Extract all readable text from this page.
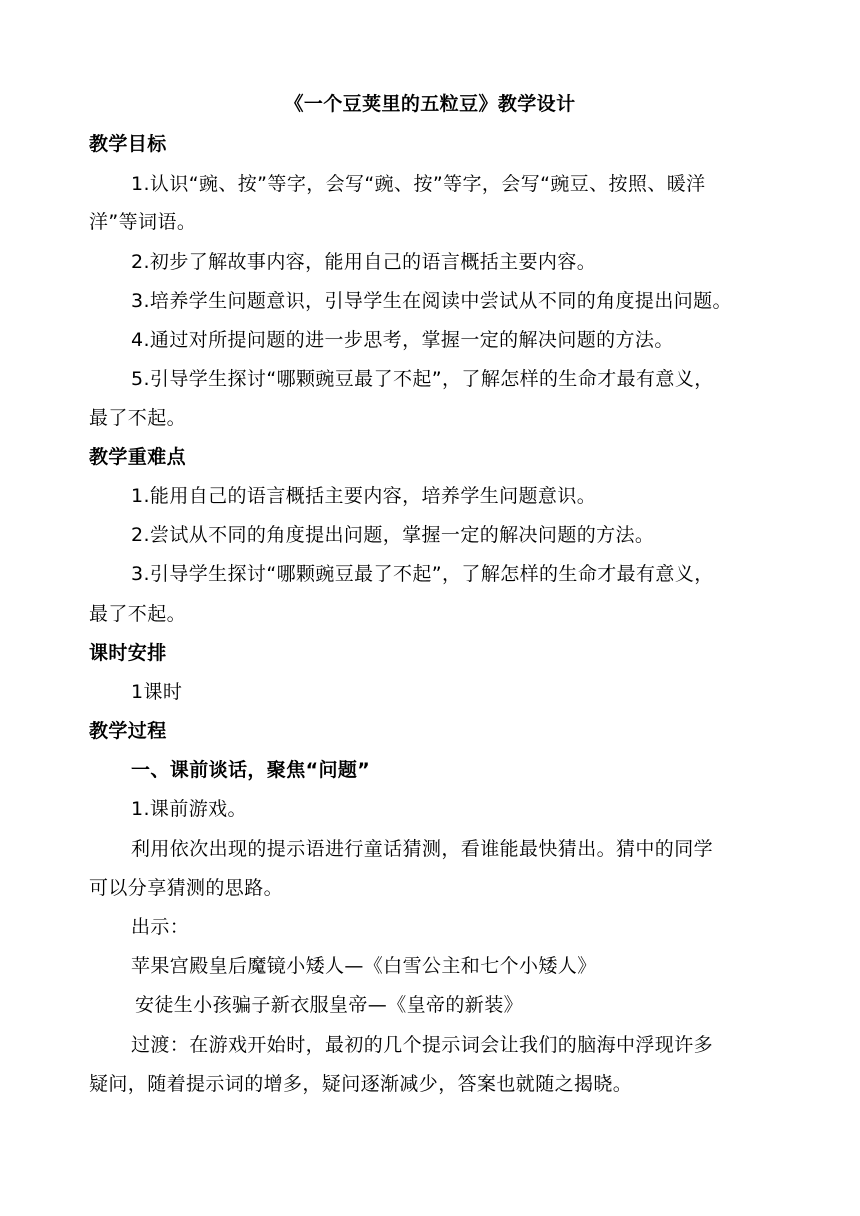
《一个豆荚里的五粒豆》教学设计
教学目标
1.认识“豌、按”等字，会写“豌、按”等字，会写“豌豆、按照、暖洋
洋”等词语。
2.初步了解故事内容，能用自己的语言概括主要内容。
3.培养学生问题意识，引导学生在阅读中尝试从不同的角度提出问题。
4.通过对所提问题的进一步思考，掌握一定的解决问题的方法。
5.引导学生探讨“哪颗豌豆最了不起”，了解怎样的生命才最有意义，
最了不起。
教学重难点
1.能用自己的语言概括主要内容，培养学生问题意识。
2.尝试从不同的角度提出问题，掌握一定的解决问题的方法。
3.引导学生探讨“哪颗豌豆最了不起”，了解怎样的生命才最有意义，
最了不起。
课时安排
1课时
教学过程
一、课前谈话，聚焦“问题”
1.课前游戏。
利用依次出现的提示语进行童话猜测，看谁能最快猜出。猜中的同学
可以分享猜测的思路。
出示：
苹果宫殿皇后魔镜小矮人—《白雪公主和七个小矮人》
安徒生小孩骗子新衣服皇帝—《皇帝的新装》
过渡：在游戏开始时，最初的几个提示词会让我们的脑海中浮现许多
疑问，随着提示词的增多，疑问逐渐减少，答案也就随之揭晓。
